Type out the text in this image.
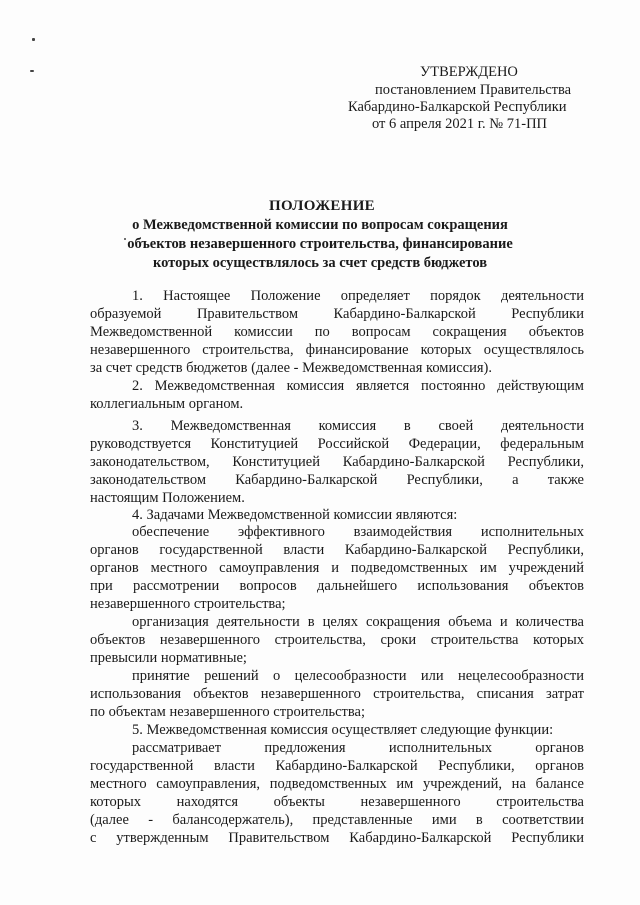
УТВЕРЖДЕНО
постановлением Правительства
Кабардино-Балкарской Республики
от 6 апреля 2021 г. № 71-ПП
ПОЛОЖЕНИЕ
о Межведомственной комиссии по вопросам сокращения
объектов незавершенного строительства, финансирование
которых осуществлялось за счет средств бюджетов
1. Настоящее Положение определяет порядок деятельности
образуемой Правительством Кабардино-Балкарской Республики
Межведомственной комиссии по вопросам сокращения объектов
незавершенного строительства, финансирование которых осуществлялось
за счет средств бюджетов (далее - Межведомственная комиссия).
2. Межведомственная комиссия является постоянно действующим
коллегиальным органом.
3. Межведомственная комиссия в своей деятельности
руководствуется Конституцией Российской Федерации, федеральным
законодательством, Конституцией Кабардино-Балкарской Республики,
законодательством Кабардино-Балкарской Республики, а также
настоящим Положением.
4. Задачами Межведомственной комиссии являются:
обеспечение эффективного взаимодействия исполнительных
органов государственной власти Кабардино-Балкарской Республики,
органов местного самоуправления и подведомственных им учреждений
при рассмотрении вопросов дальнейшего использования объектов
незавершенного строительства;
организация деятельности в целях сокращения объема и количества
объектов незавершенного строительства, сроки строительства которых
превысили нормативные;
принятие решений о целесообразности или нецелесообразности
использования объектов незавершенного строительства, списания затрат
по объектам незавершенного строительства;
5. Межведомственная комиссия осуществляет следующие функции:
рассматривает предложения исполнительных органов
государственной власти Кабардино-Балкарской Республики, органов
местного самоуправления, подведомственных им учреждений, на балансе
которых находятся объекты незавершенного строительства
(далее - балансодержатель), представленные ими в соответствии
с утвержденным Правительством Кабардино-Балкарской Республики
